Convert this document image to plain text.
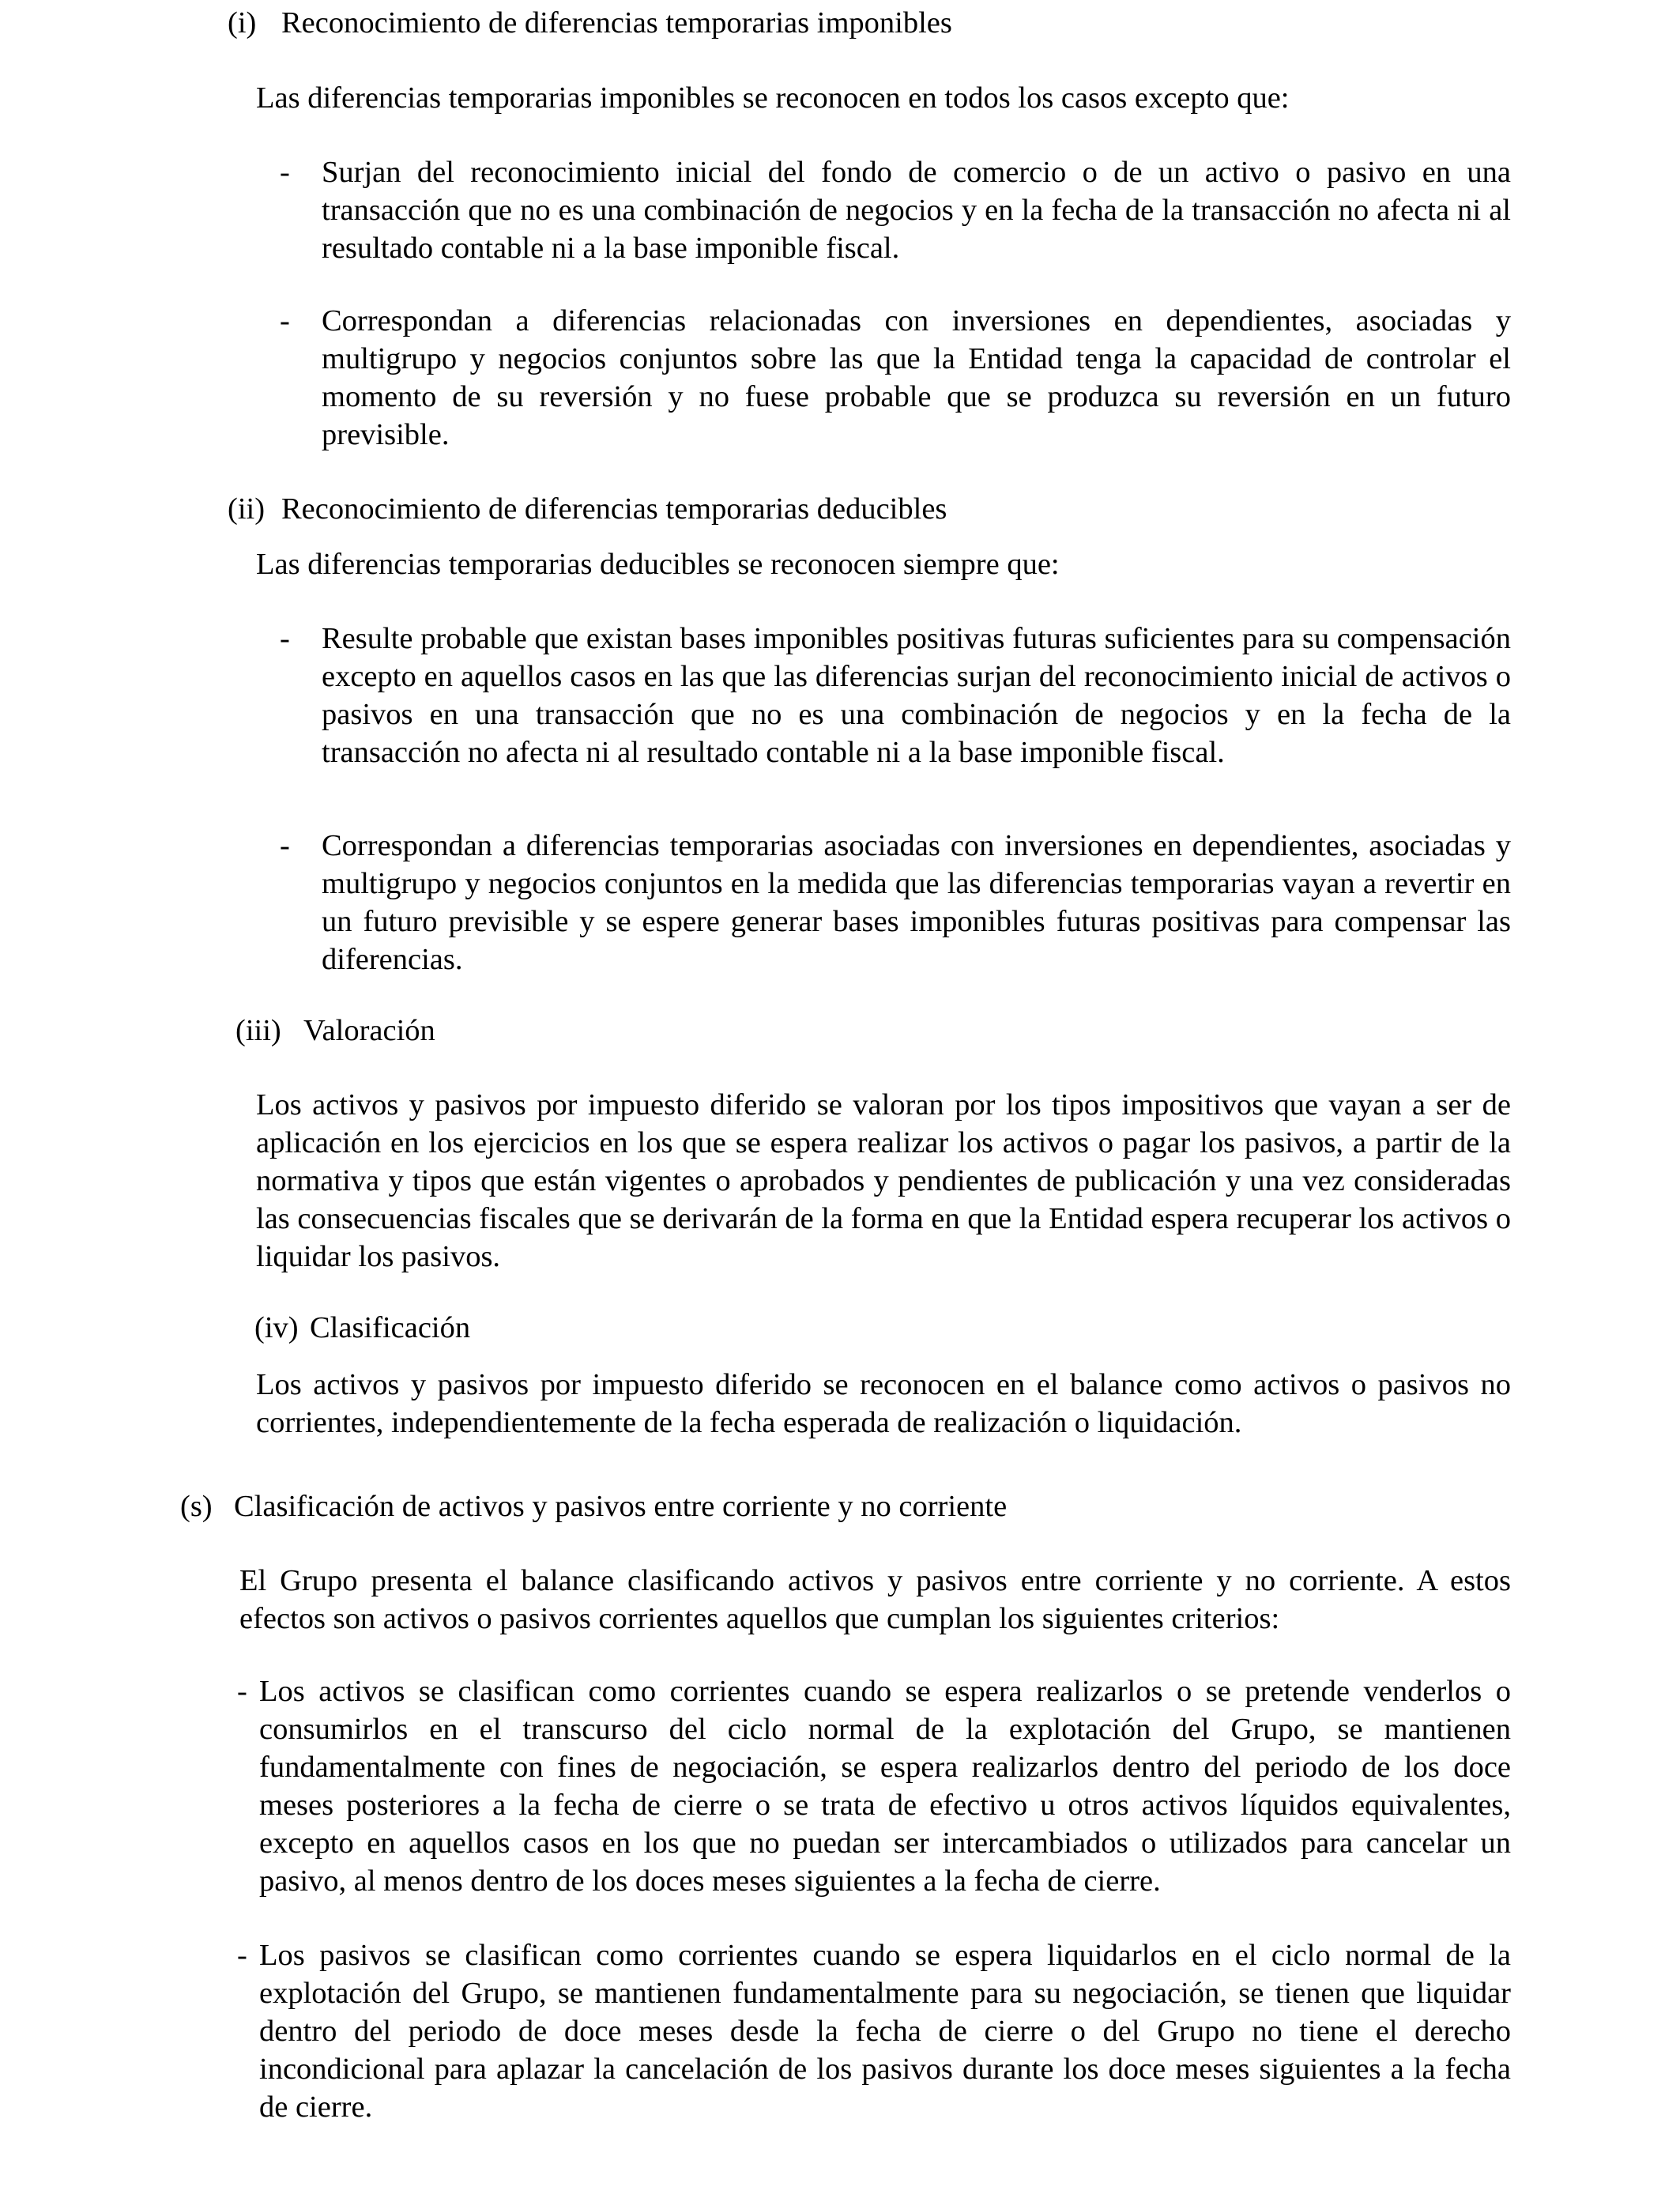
(i) Reconocimiento de diferencias temporarias imponibles

Las diferencias temporarias imponibles se reconocen en todos los casos excepto que:

- Surjan del reconocimiento inicial del fondo de comercio o de un activo o pasivo en una transacción que no es una combinación de negocios y en la fecha de la transacción no afecta ni al resultado contable ni a la base imponible fiscal.

- Correspondan a diferencias relacionadas con inversiones en dependientes, asociadas y multigrupo y negocios conjuntos sobre las que la Entidad tenga la capacidad de controlar el momento de su reversión y no fuese probable que se produzca su reversión en un futuro previsible.

(ii) Reconocimiento de diferencias temporarias deducibles

Las diferencias temporarias deducibles se reconocen siempre que:

- Resulte probable que existan bases imponibles positivas futuras suficientes para su compensación excepto en aquellos casos en las que las diferencias surjan del reconocimiento inicial de activos o pasivos en una transacción que no es una combinación de negocios y en la fecha de la transacción no afecta ni al resultado contable ni a la base imponible fiscal.

- Correspondan a diferencias temporarias asociadas con inversiones en dependientes, asociadas y multigrupo y negocios conjuntos en la medida que las diferencias temporarias vayan a revertir en un futuro previsible y se espere generar bases imponibles futuras positivas para compensar las diferencias.

(iii) Valoración

Los activos y pasivos por impuesto diferido se valoran por los tipos impositivos que vayan a ser de aplicación en los ejercicios en los que se espera realizar los activos o pagar los pasivos, a partir de la normativa y tipos que están vigentes o aprobados y pendientes de publicación y una vez consideradas las consecuencias fiscales que se derivarán de la forma en que la Entidad espera recuperar los activos o liquidar los pasivos.

(iv) Clasificación

Los activos y pasivos por impuesto diferido se reconocen en el balance como activos o pasivos no corrientes, independientemente de la fecha esperada de realización o liquidación.

(s) Clasificación de activos y pasivos entre corriente y no corriente

El Grupo presenta el balance clasificando activos y pasivos entre corriente y no corriente. A estos efectos son activos o pasivos corrientes aquellos que cumplan los siguientes criterios:

- Los activos se clasifican como corrientes cuando se espera realizarlos o se pretende venderlos o consumirlos en el transcurso del ciclo normal de la explotación del Grupo, se mantienen fundamentalmente con fines de negociación, se espera realizarlos dentro del periodo de los doce meses posteriores a la fecha de cierre o se trata de efectivo u otros activos líquidos equivalentes, excepto en aquellos casos en los que no puedan ser intercambiados o utilizados para cancelar un pasivo, al menos dentro de los doces meses siguientes a la fecha de cierre.

- Los pasivos se clasifican como corrientes cuando se espera liquidarlos en el ciclo normal de la explotación del Grupo, se mantienen fundamentalmente para su negociación, se tienen que liquidar dentro del periodo de doce meses desde la fecha de cierre o del Grupo no tiene el derecho incondicional para aplazar la cancelación de los pasivos durante los doce meses siguientes a la fecha de cierre.
